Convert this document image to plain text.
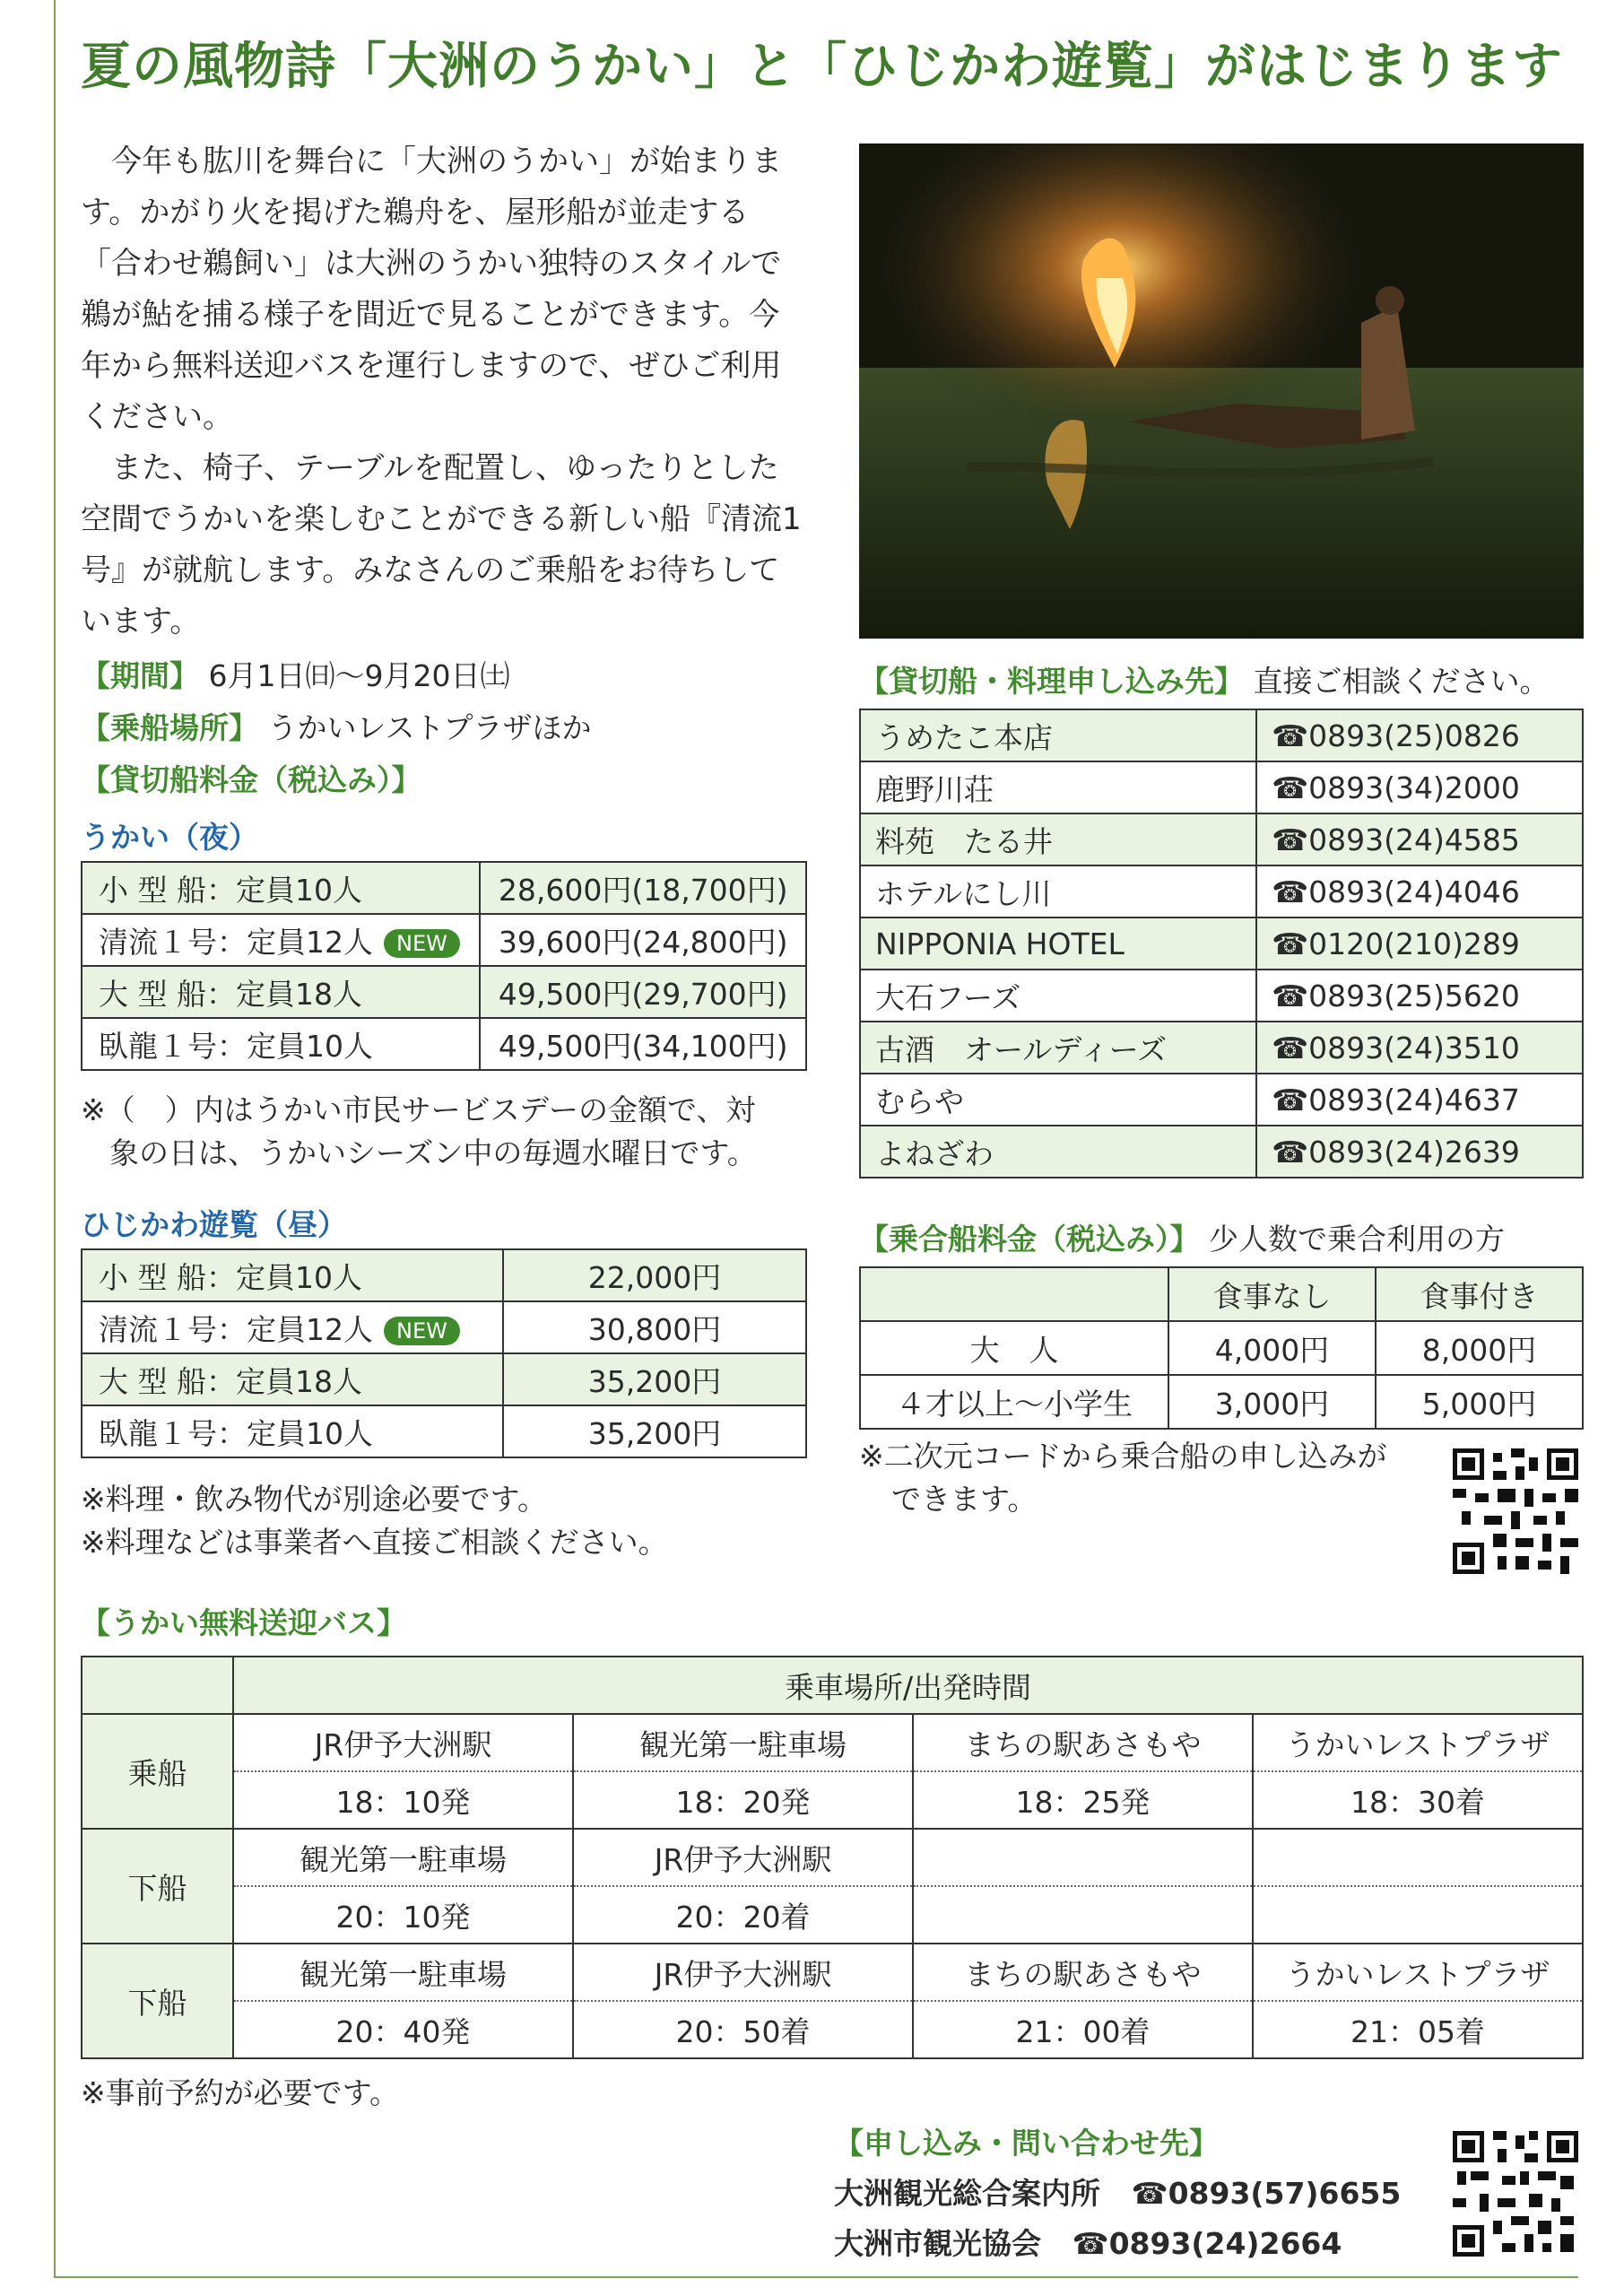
夏の風物詩「大洲のうかい」と「ひじかわ遊覧」がはじまります

今年も肱川を舞台に「大洲のうかい」が始まります。かがり火を掲げた鵜舟を、屋形船が並走する「合わせ鵜飼い」は大洲のうかい独特のスタイルで鵜が鮎を捕る様子を間近で見ることができます。今年から無料送迎バスを運行しますので、ぜひご利用ください。

また、椅子、テーブルを配置し、ゆったりとした空間でうかいを楽しむことができる新しい船『清流1号』が就航します。みなさんのご乗船をお待ちしています。

【期間】 6月1日㈰～9月20日㈯
【乗船場所】 うかいレストプラザほか
【貸切船料金（税込み）】
うかい（夜）
小 型 船：定員10人	28,600円(18,700円)
清流１号：定員12人 NEW	39,600円(24,800円)
大 型 船：定員18人	49,500円(29,700円)
臥龍１号：定員10人	49,500円(34,100円)
※（　）内はうかい市民サービスデーの金額で、対
象の日は、うかいシーズン中の毎週水曜日です。
ひじかわ遊覧（昼）
小 型 船：定員10人	22,000円
清流１号：定員12人 NEW	30,800円
大 型 船：定員18人	35,200円
臥龍１号：定員10人	35,200円
※料理・飲み物代が別途必要です。
※料理などは事業者へ直接ご相談ください。
【貸切船・料理申し込み先】 直接ご相談ください。
うめたこ本店	☎0893(25)0826
鹿野川荘	☎0893(34)2000
料苑　たる井	☎0893(24)4585
ホテルにし川	☎0893(24)4046
NIPPONIA HOTEL	☎0120(210)289
大石フーズ	☎0893(25)5620
古酒　オールディーズ	☎0893(24)3510
むらや	☎0893(24)4637
よねざわ	☎0893(24)2639
【乗合船料金（税込み）】 少人数で乗合利用の方
	食事なし	食事付き
大　人	4,000円	8,000円
４才以上～小学生	3,000円	5,000円
※二次元コードから乗合船の申し込みが
できます。
【うかい無料送迎バス】
	乗車場所/出発時間			
乗船	JR伊予大洲駅	観光第一駐車場	まちの駅あさもや	うかいレストプラザ
	18：10発	18：20発	18：25発	18：30着
下船	観光第一駐車場	JR伊予大洲駅		
	20：10発	20：20着		
下船	観光第一駐車場	JR伊予大洲駅	まちの駅あさもや	うかいレストプラザ
	20：40発	20：50着	21：00着	21：05着
※事前予約が必要です。
【申し込み・問い合わせ先】
大洲観光総合案内所 ☎0893(57)6655
大洲市観光協会 ☎0893(24)2664
